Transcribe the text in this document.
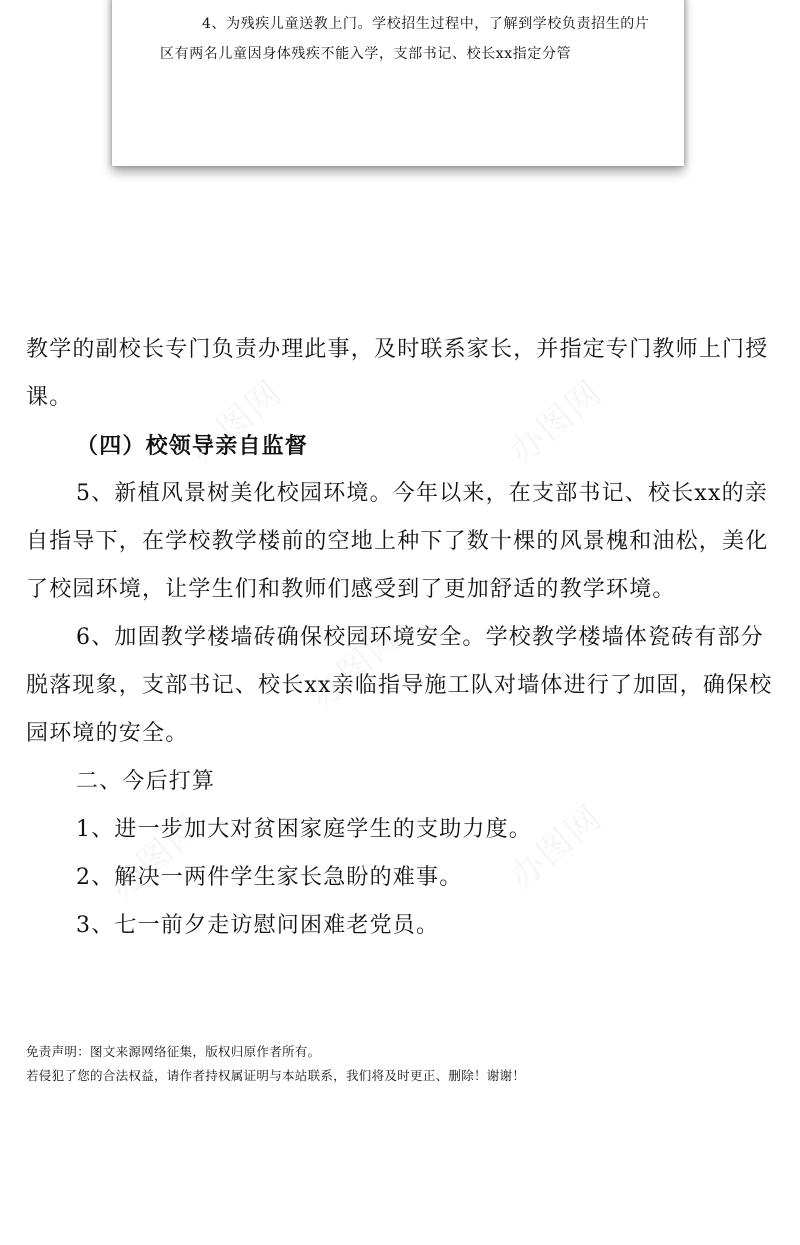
4、为残疾儿童送教上门。学校招生过程中，了解到学校负责招生的片区有两名儿童因身体残疾不能入学，支部书记、校长xx指定分管

教学的副校长专门负责办理此事，及时联系家长，并指定专门教师上门授课。

（四）校领导亲自监督

5、新植风景树美化校园环境。今年以来，在支部书记、校长xx的亲自指导下，在学校教学楼前的空地上种下了数十棵的风景槐和油松，美化了校园环境，让学生们和教师们感受到了更加舒适的教学环境。

6、加固教学楼墙砖确保校园环境安全。学校教学楼墙体瓷砖有部分脱落现象，支部书记、校长xx亲临指导施工队对墙体进行了加固，确保校园环境的安全。

二、今后打算

1、进一步加大对贫困家庭学生的支助力度。

2、解决一两件学生家长急盼的难事。

3、七一前夕走访慰问困难老党员。

免责声明：图文来源网络征集，版权归原作者所有。

若侵犯了您的合法权益，请作者持权属证明与本站联系，我们将及时更正、删除！谢谢！
